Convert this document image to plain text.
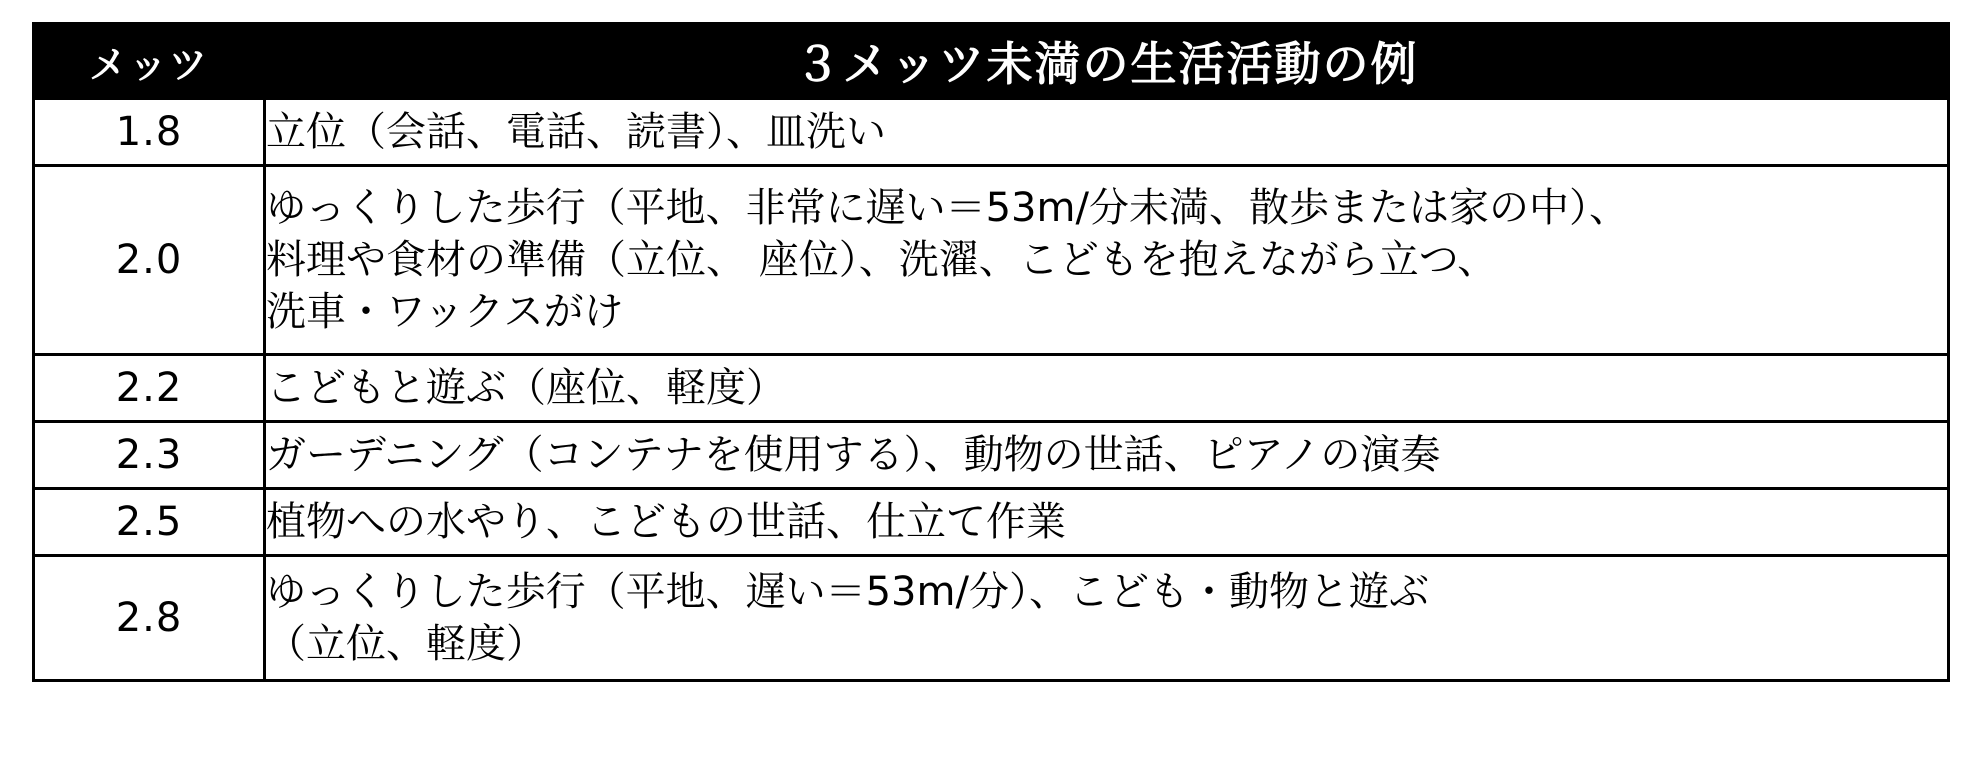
メッツ	３メッツ未満の生活活動の例
1.8	立位（会話、電話、読書）、皿洗い

2.0	ゆっくりした歩行（平地、非常に遅い＝53m/分未満、散歩または家の中）、
料理や食材の準備（立位、 座位）、洗濯、こどもを抱えながら立つ、
洗車・ワックスがけ

2.2	こどもと遊ぶ（座位、軽度）

2.3	ガーデニング（コンテナを使用する）、動物の世話、ピアノの演奏

2.5	植物への水やり、こどもの世話、仕立て作業

2.8	ゆっくりした歩行（平地、遅い＝53m/分）、こども・動物と遊ぶ
（立位、軽度）
